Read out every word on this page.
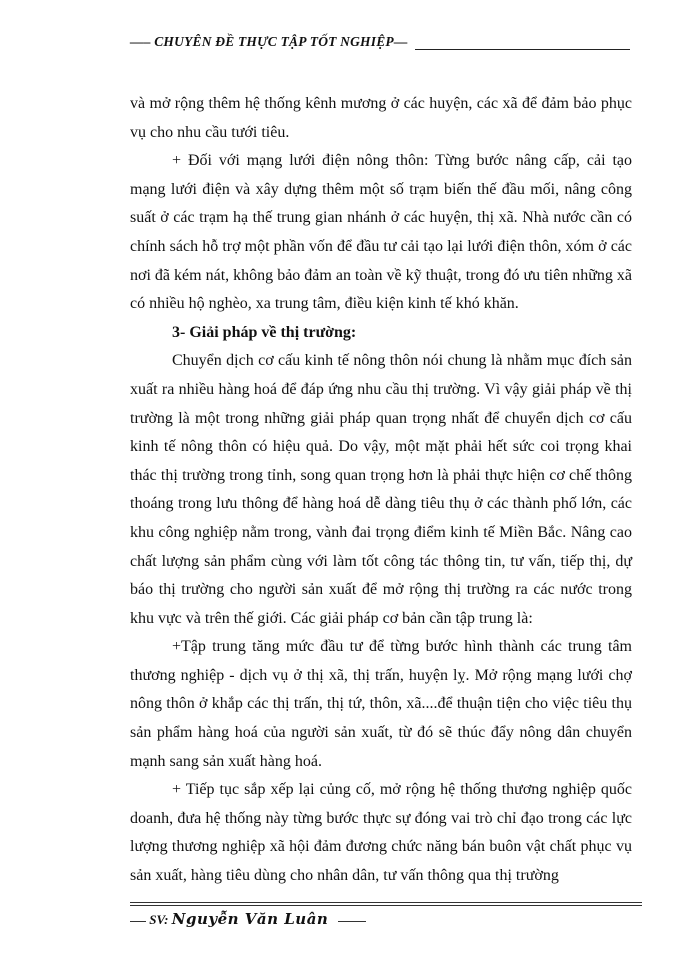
—– CHUYÊN ĐỀ THỰC TẬP TỐT NGHIỆP—

và mở rộng thêm hệ thống kênh mương ở các huyện, các xã để đảm bảo phục vụ cho nhu cầu tưới tiêu.

+ Đối với mạng lưới điện nông thôn: Từng bước nâng cấp, cải tạo mạng lưới điện và xây dựng thêm một số trạm biến thế đầu mối, nâng công suất ở các trạm hạ thế trung gian nhánh ở các huyện, thị xã. Nhà nước cần có chính sách hỗ trợ một phần vốn để đầu tư cải tạo lại lưới điện thôn, xóm ở các nơi đã kém nát, không bảo đảm an toàn về kỹ thuật, trong đó ưu tiên những xã có nhiều hộ nghèo, xa trung tâm, điều kiện kinh tế khó khăn.

3- Giải pháp về thị trường:

Chuyển dịch cơ cấu kinh tế nông thôn nói chung là nhằm mục đích sản xuất ra nhiều hàng hoá để đáp ứng nhu cầu thị trường. Vì vậy giải pháp về thị trường là một trong những giải pháp quan trọng nhất để chuyển dịch cơ cấu kinh tế nông thôn có hiệu quả. Do vậy, một mặt phải hết sức coi trọng khai thác thị trường trong tỉnh, song quan trọng hơn là phải thực hiện cơ chế thông thoáng trong lưu thông để hàng hoá dễ dàng tiêu thụ ở các thành phố lớn, các khu công nghiệp nằm trong, vành đai trọng điểm kinh tế Miền Bắc. Nâng cao chất lượng sản phẩm cùng với làm tốt công tác thông tin, tư vấn, tiếp thị, dự báo thị trường cho người sản xuất để mở rộng thị trường ra các nước trong khu vực và trên thế giới. Các giải pháp cơ bản cần tập trung là:

+Tập trung tăng mức đầu tư để từng bước hình thành các trung tâm thương nghiệp - dịch vụ ở thị xã, thị trấn, huyện lỵ. Mở rộng mạng lưới chợ nông thôn ở khắp các thị trấn, thị tứ, thôn, xã....để thuận tiện cho việc tiêu thụ sản phẩm hàng hoá của người sản xuất, từ đó sẽ thúc đẩy nông dân chuyển mạnh sang sản xuất hàng hoá.

+ Tiếp tục sắp xếp lại củng cố, mở rộng hệ thống thương nghiệp quốc doanh, đưa hệ thống này từng bước thực sự đóng vai trò chỉ đạo trong các lực lượng thương nghiệp xã hội đảm đương chức năng bán buôn vật chất phục vụ sản xuất, hàng tiêu dùng cho nhân dân, tư vấn thông qua thị trường

SV: Nguyễn Văn Luân
